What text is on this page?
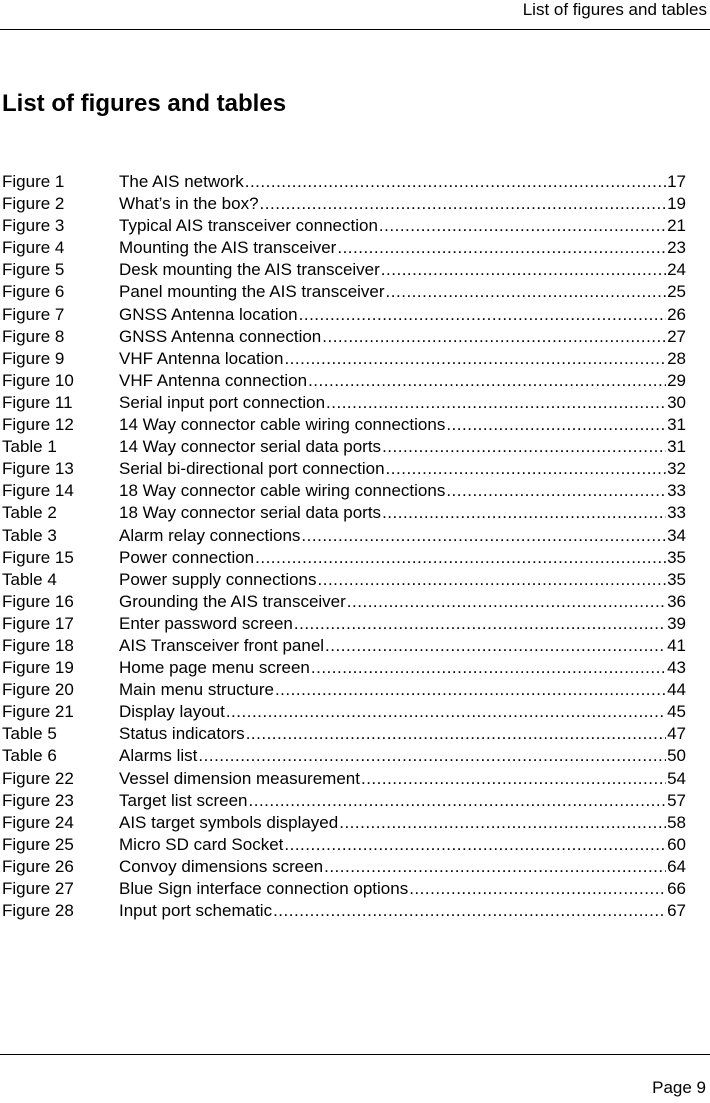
List of figures and tables
List of figures and tables
Figure 1	The AIS network .....	17
Figure 2	What’s in the box? .....	19
Figure 3	Typical AIS transceiver connection .....	21
Figure 4	Mounting the AIS transceiver .....	23
Figure 5	Desk mounting the AIS transceiver .....	24
Figure 6	Panel mounting the AIS transceiver .....	25
Figure 7	GNSS Antenna location .....	26
Figure 8	GNSS Antenna connection .....	27
Figure 9	VHF Antenna location .....	28
Figure 10	VHF Antenna connection .....	29
Figure 11	Serial input port connection .....	30
Figure 12	14 Way connector cable wiring connections .....	31
Table 1	14 Way connector serial data ports .....	31
Figure 13	Serial bi-directional port connection .....	32
Figure 14	18 Way connector cable wiring connections .....	33
Table 2	18 Way connector serial data ports .....	33
Table 3	Alarm relay connections .....	34
Figure 15	Power connection .....	35
Table 4	Power supply connections .....	35
Figure 16	Grounding the AIS transceiver .....	36
Figure 17	Enter password screen .....	39
Figure 18	AIS Transceiver front panel .....	41
Figure 19	Home page menu screen .....	43
Figure 20	Main menu structure .....	44
Figure 21	Display layout .....	45
Table 5	Status indicators .....	47
Table 6	Alarms list .....	50
Figure 22	Vessel dimension measurement .....	54
Figure 23	Target list screen .....	57
Figure 24	AIS target symbols displayed .....	58
Figure 25	Micro SD card Socket .....	60
Figure 26	Convoy dimensions screen .....	64
Figure 27	Blue Sign interface connection options .....	66
Figure 28	Input port schematic .....	67
Page 9
